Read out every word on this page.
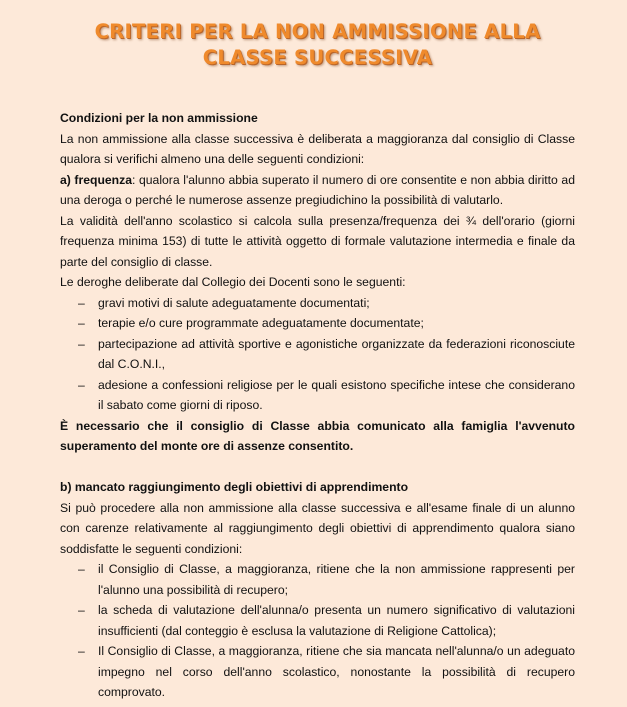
CRITERI PER LA NON AMMISSIONE ALLA
CLASSE SUCCESSIVA

Condizioni per la non ammissione

La non ammissione alla classe successiva è deliberata a maggioranza dal consiglio di Classe qualora si verifichi almeno una delle seguenti condizioni:

a) frequenza: qualora l'alunno abbia superato il numero di ore consentite e non abbia diritto ad una deroga o perché le numerose assenze pregiudichino la possibilità di valutarlo.

La validità dell'anno scolastico si calcola sulla presenza/frequenza dei ¾ dell'orario (giorni frequenza minima 153) di tutte le attività oggetto di formale valutazione intermedia e finale da parte del consiglio di classe.

Le deroghe deliberate dal Collegio dei Docenti sono le seguenti:

– gravi motivi di salute adeguatamente documentati;
– terapie e/o cure programmate adeguatamente documentate;
– partecipazione ad attività sportive e agonistiche organizzate da federazioni riconosciute dal C.O.N.I.,
– adesione a confessioni religiose per le quali esistono specifiche intese che considerano il sabato come giorni di riposo.

È necessario che il consiglio di Classe abbia comunicato alla famiglia l'avvenuto superamento del monte ore di assenze consentito.

b) mancato raggiungimento degli obiettivi di apprendimento

Si può procedere alla non ammissione alla classe successiva e all'esame finale di un alunno con carenze relativamente al raggiungimento degli obiettivi di apprendimento qualora siano soddisfatte le seguenti condizioni:

– il Consiglio di Classe, a maggioranza, ritiene che la non ammissione rappresenti per l'alunno una possibilità di recupero;
– la scheda di valutazione dell'alunna/o presenta un numero significativo di valutazioni insufficienti (dal conteggio è esclusa la valutazione di Religione Cattolica);
– Il Consiglio di Classe, a maggioranza, ritiene che sia mancata nell'alunna/o un adeguato impegno nel corso dell'anno scolastico, nonostante la possibilità di recupero comprovato.
